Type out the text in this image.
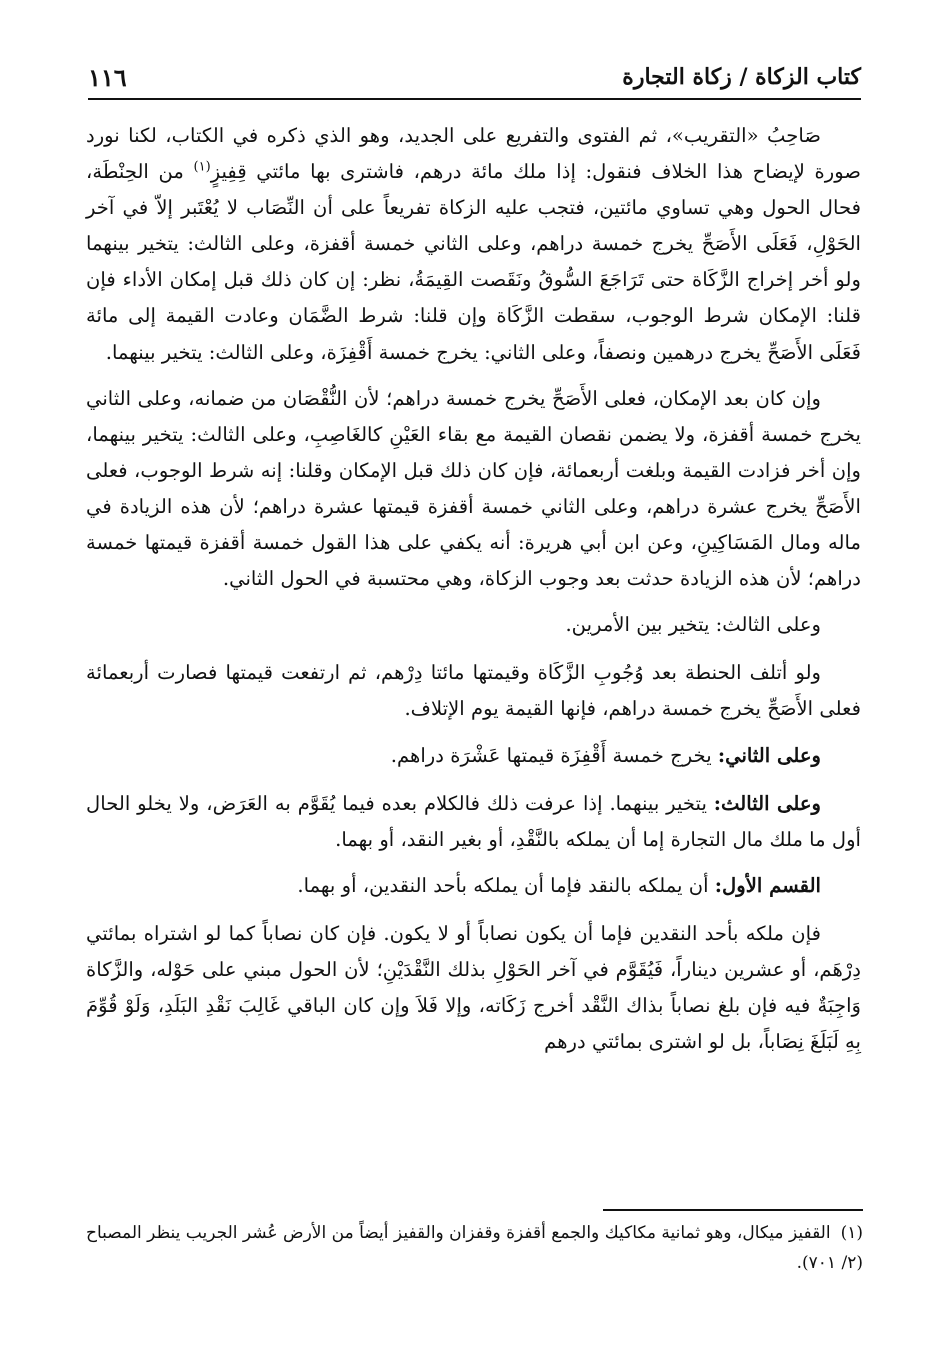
١١٦	كتاب الزكاة / زكاة التجارة

صَاحِبُ «التقريب»، ثم الفتوى والتفريع على الجديد، وهو الذي ذكره في الكتاب، لكنا نورد صورة لإيضاح هذا الخلاف فنقول: إذا ملك مائة درهم، فاشترى بها مائتي قِفِيزٍ$^{(١)}$ من الحِنْطَة، فحال الحول وهي تساوي مائتين، فتجب عليه الزكاة تفريعاً على أن النِّصَاب لا يُعْتَبر إلاّ في آخر الحَوْلِ، فَعَلَى الأَصَحِّ يخرج خمسة دراهم، وعلى الثاني خمسة أقفزة، وعلى الثالث: يتخير بينهما ولو أخر إخراج الزَّكَاة حتى تَرَاجَعَ السُّوقُ ونَقَصت القِيمَةُ، نظر: إن كان ذلك قبل إمكان الأداء فإن قلنا: الإمكان شرط الوجوب، سقطت الزَّكَاة وإن قلنا: شرط الضَّمَان وعادت القيمة إلى مائة فَعَلَى الأَصَحِّ يخرج درهمين ونصفاً، وعلى الثاني: يخرج خمسة أَقْفِزَة، وعلى الثالث: يتخير بينهما.

وإن كان بعد الإمكان، فعلى الأَصَحِّ يخرج خمسة دراهم؛ لأن النُّقْصَان من ضمانه، وعلى الثاني يخرج خمسة أقفزة، ولا يضمن نقصان القيمة مع بقاء العَيْنِ كالغَاصِبِ، وعلى الثالث: يتخير بينهما، وإن أخر فزادت القيمة وبلغت أربعمائة، فإن كان ذلك قبل الإمكان وقلنا: إنه شرط الوجوب، فعلى الأَصَحِّ يخرج عشرة دراهم، وعلى الثاني خمسة أقفزة قيمتها عشرة دراهم؛ لأن هذه الزيادة في ماله ومال المَسَاكِينِ، وعن ابن أبي هريرة: أنه يكفي على هذا القول خمسة أقفزة قيمتها خمسة دراهم؛ لأن هذه الزيادة حدثت بعد وجوب الزكاة، وهي محتسبة في الحول الثاني.

وعلى الثالث: يتخير بين الأمرين.

ولو أتلف الحنطة بعد وُجُوبِ الزَّكَاة وقيمتها مائتا دِرْهم، ثم ارتفعت قيمتها فصارت أربعمائة فعلى الأَصَحِّ يخرج خمسة دراهم، فإنها القيمة يوم الإتلاف.

وعلى الثاني: يخرج خمسة أَقْفِزَة قيمتها عَشْرَة دراهم.

وعلى الثالث: يتخير بينهما. إذا عرفت ذلك فالكلام بعده فيما يُقَوَّم به العَرَض، ولا يخلو الحال أول ما ملك مال التجارة إما أن يملكه بالنَّقْدِ، أو بغير النقد، أو بهما.

القسم الأول: أن يملكه بالنقد فإما أن يملكه بأحد النقدين، أو بهما.

فإن ملكه بأحد النقدين فإما أن يكون نصاباً أو لا يكون. فإن كان نصاباً كما لو اشتراه بمائتي دِرْهَم، أو عشرين ديناراً، فَيُقَوَّم في آخر الحَوْلِ بذلك النَّقْدَيْنِ؛ لأن الحول مبني على حَوْله، والزَّكاة وَاجِبَةٌ فيه فإن بلغ نصاباً بذاك النَّقْد أخرج زَكَاته، وإلا فَلاَ وإن كان الباقي غَالِبَ نَقْدِ البَلَدِ، وَلَوْ قُوِّمَ بِهِ لَبَلَغَ نِصَاباً، بل لو اشترى بمائتي درهم

(١)القفيز ميكال، وهو ثمانية مكاكيك والجمع أقفزة وقفزان والقفيز أيضاً من الأرض عُشر الجريب ينظر المصباح (٢/ ٧٠١).
